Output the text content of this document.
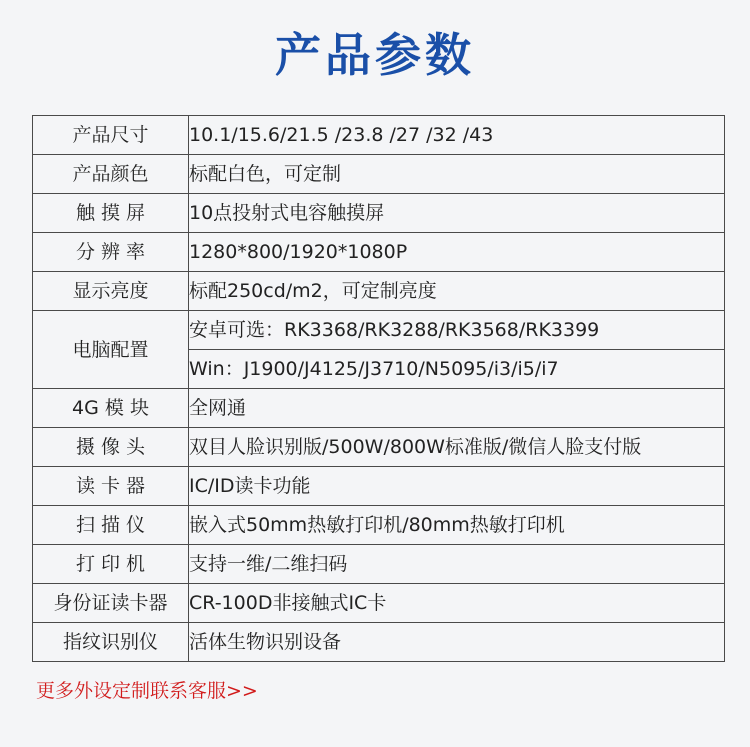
产品参数
产品尺寸	10.1/15.6/21.5 /23.8 /27 /32 /43
产品颜色	标配白色，可定制
触 摸 屏	10点投射式电容触摸屏
分 辨 率	1280*800/1920*1080P
显示亮度	标配250cd/m2，可定制亮度
电脑配置	安卓可选：RK3368/RK3288/RK3568/RK3399
	Win：J1900/J4125/J3710/N5095/i3/i5/i7
4G 模 块	全网通
摄 像 头	双目人脸识别版/500W/800W标准版/微信人脸支付版
读 卡 器	IC/ID读卡功能
扫 描 仪	嵌入式50mm热敏打印机/80mm热敏打印机
打 印 机	支持一维/二维扫码
身份证读卡器	CR-100D非接触式IC卡
指纹识别仪	活体生物识别设备
更多外设定制联系客服>>
